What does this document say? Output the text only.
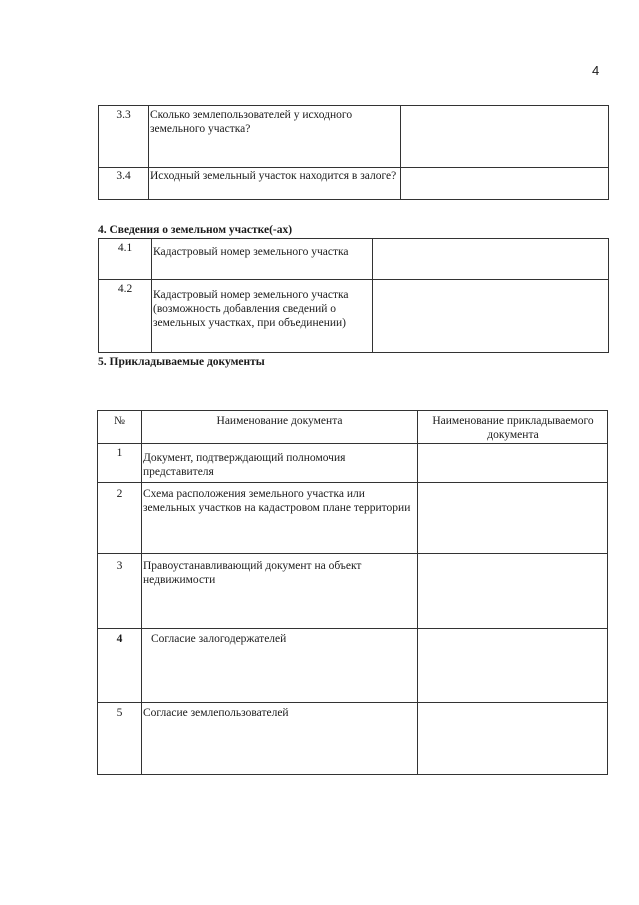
4
3.3	Сколько землепользователей у исходного земельного участка?
3.4	Исходный земельный участок находится в залоге?
4. Сведения о земельном участке(-ах)
4.1	Кадастровый номер земельного участка
4.2	Кадастровый номер земельного участка (возможность добавления сведений о земельных участках, при объединении)
5. Прикладываемые документы
№	Наименование документа	Наименование прикладываемого документа
1	Документ, подтверждающий полномочия представителя
2	Схема расположения земельного участка или земельных участков на кадастровом плане территории
3	Правоустанавливающий документ на объект недвижимости
4	Согласие залогодержателей
5	Согласие землепользователей
